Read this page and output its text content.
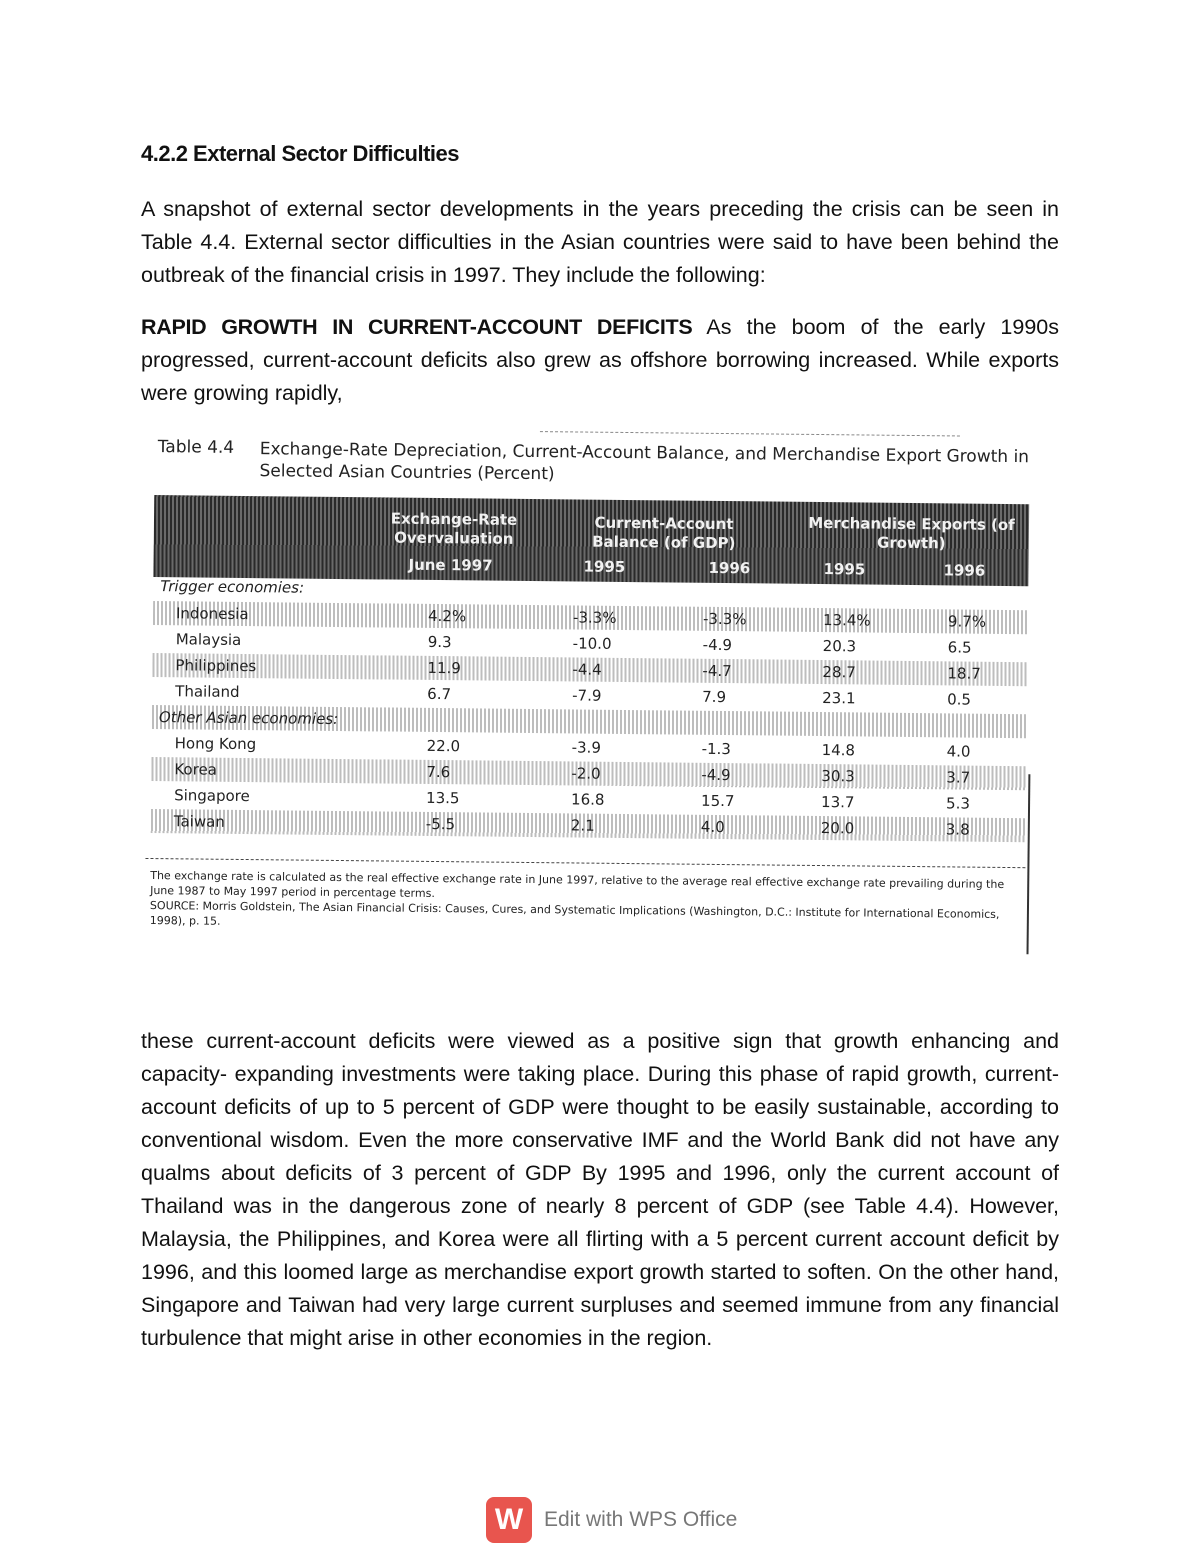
4.2.2 External Sector Difficulties
A snapshot of external sector developments in the years preceding the crisis can be seen in Table 4.4. External sector difficulties in the Asian countries were said to have been behind the outbreak of the financial crisis in 1997. They include the following:
RAPID GROWTH IN CURRENT-ACCOUNT DEFICITS As the boom of the early 1990s progressed, current-account deficits also grew as offshore borrowing increased. While exports were growing rapidly,
Table 4.4 Exchange-Rate Depreciation, Current-Account Balance, and Merchandise Export Growth in Selected Asian Countries (Percent)
Exchange-Rate Overvaluation
Current-Account Balance (of GDP)
Merchandise Exports (of Growth)
June 1997	1995	1996	1995	1996
Trigger economies:
Indonesia	4.2%	-3.3%	-3.3%	13.4%	9.7%
Malaysia	9.3	-10.0	-4.9	20.3	6.5
Philippines	11.9	-4.4	-4.7	28.7	18.7
Thailand	6.7	-7.9	7.9	23.1	0.5
Other Asian economies:
Hong Kong	22.0	-3.9	-1.3	14.8	4.0
Korea	7.6	-2.0	-4.9	30.3	3.7
Singapore	13.5	16.8	15.7	13.7	5.3
Taiwan	-5.5	2.1	4.0	20.0	3.8
The exchange rate is calculated as the real effective exchange rate in June 1997, relative to the average real effective exchange rate prevailing during the June 1987 to May 1997 period in percentage terms.
SOURCE: Morris Goldstein, The Asian Financial Crisis: Causes, Cures, and Systematic Implications (Washington, D.C.: Institute for International Economics, 1998), p. 15.
these current-account deficits were viewed as a positive sign that growth enhancing and capacity- expanding investments were taking place. During this phase of rapid growth, current-account deficits of up to 5 percent of GDP were thought to be easily sustainable, according to conventional wisdom. Even the more conservative IMF and the World Bank did not have any qualms about deficits of 3 percent of GDP By 1995 and 1996, only the current account of Thailand was in the dangerous zone of nearly 8 percent of GDP (see Table 4.4). However, Malaysia, the Philippines, and Korea were all flirting with a 5 percent current account deficit by 1996, and this loomed large as merchandise export growth started to soften. On the other hand, Singapore and Taiwan had very large current surpluses and seemed immune from any financial turbulence that might arise in other economies in the region.
W Edit with WPS Office
